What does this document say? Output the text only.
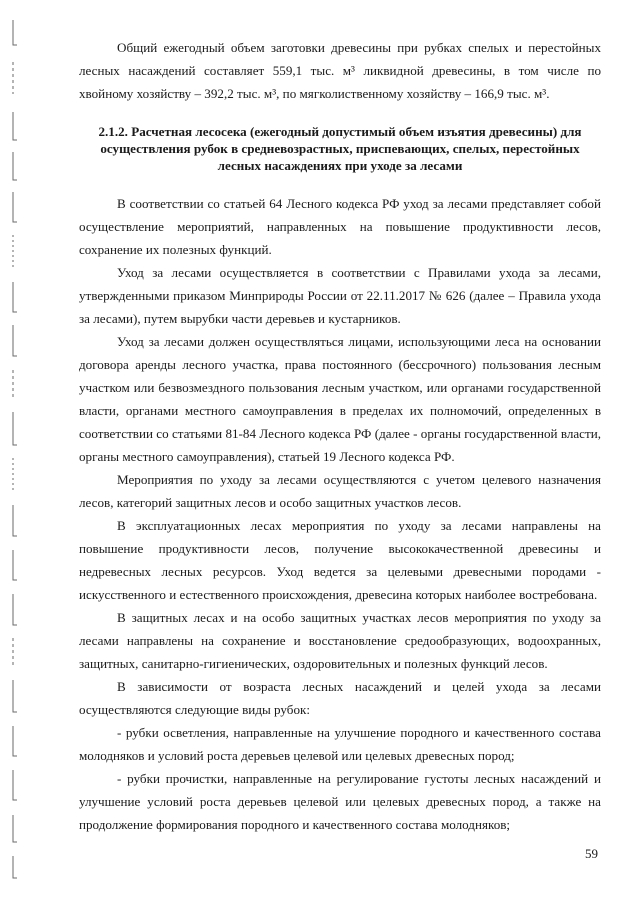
Общий ежегодный объем заготовки древесины при рубках спелых и перестойных лесных насаждений составляет 559,1 тыс. м³ ликвидной древесины, в том числе по хвойному хозяйству – 392,2 тыс. м³, по мягколиственному хозяйству – 166,9 тыс. м³.

2.1.2. Расчетная лесосека (ежегодный допустимый объем изъятия древесины) для осуществления рубок в средневозрастных, приспевающих, спелых, перестойных лесных насаждениях при уходе за лесами

В соответствии со статьей 64 Лесного кодекса РФ уход за лесами представляет собой осуществление мероприятий, направленных на повышение продуктивности лесов, сохранение их полезных функций.

Уход за лесами осуществляется в соответствии с Правилами ухода за лесами, утвержденными приказом Минприроды России от 22.11.2017 № 626 (далее – Правила ухода за лесами), путем вырубки части деревьев и кустарников.

Уход за лесами должен осуществляться лицами, использующими леса на основании договора аренды лесного участка, права постоянного (бессрочного) пользования лесным участком или безвозмездного пользования лесным участком, или органами государственной власти, органами местного самоуправления в пределах их полномочий, определенных в соответствии со статьями 81-84 Лесного кодекса РФ (далее - органы государственной власти, органы местного самоуправления), статьей 19 Лесного кодекса РФ.

Мероприятия по уходу за лесами осуществляются с учетом целевого назначения лесов, категорий защитных лесов и особо защитных участков лесов.

В эксплуатационных лесах мероприятия по уходу за лесами направлены на повышение продуктивности лесов, получение высококачественной древесины и недревесных лесных ресурсов. Уход ведется за целевыми древесными породами - искусственного и естественного происхождения, древесина которых наиболее востребована.

В защитных лесах и на особо защитных участках лесов мероприятия по уходу за лесами направлены на сохранение и восстановление средообразующих, водоохранных, защитных, санитарно-гигиенических, оздоровительных и полезных функций лесов.

В зависимости от возраста лесных насаждений и целей ухода за лесами осуществляются следующие виды рубок:

- рубки осветления, направленные на улучшение породного и качественного состава молодняков и условий роста деревьев целевой или целевых древесных пород;

- рубки прочистки, направленные на регулирование густоты лесных насаждений и улучшение условий роста деревьев целевой или целевых древесных пород, а также на продолжение формирования породного и качественного состава молодняков;

59
